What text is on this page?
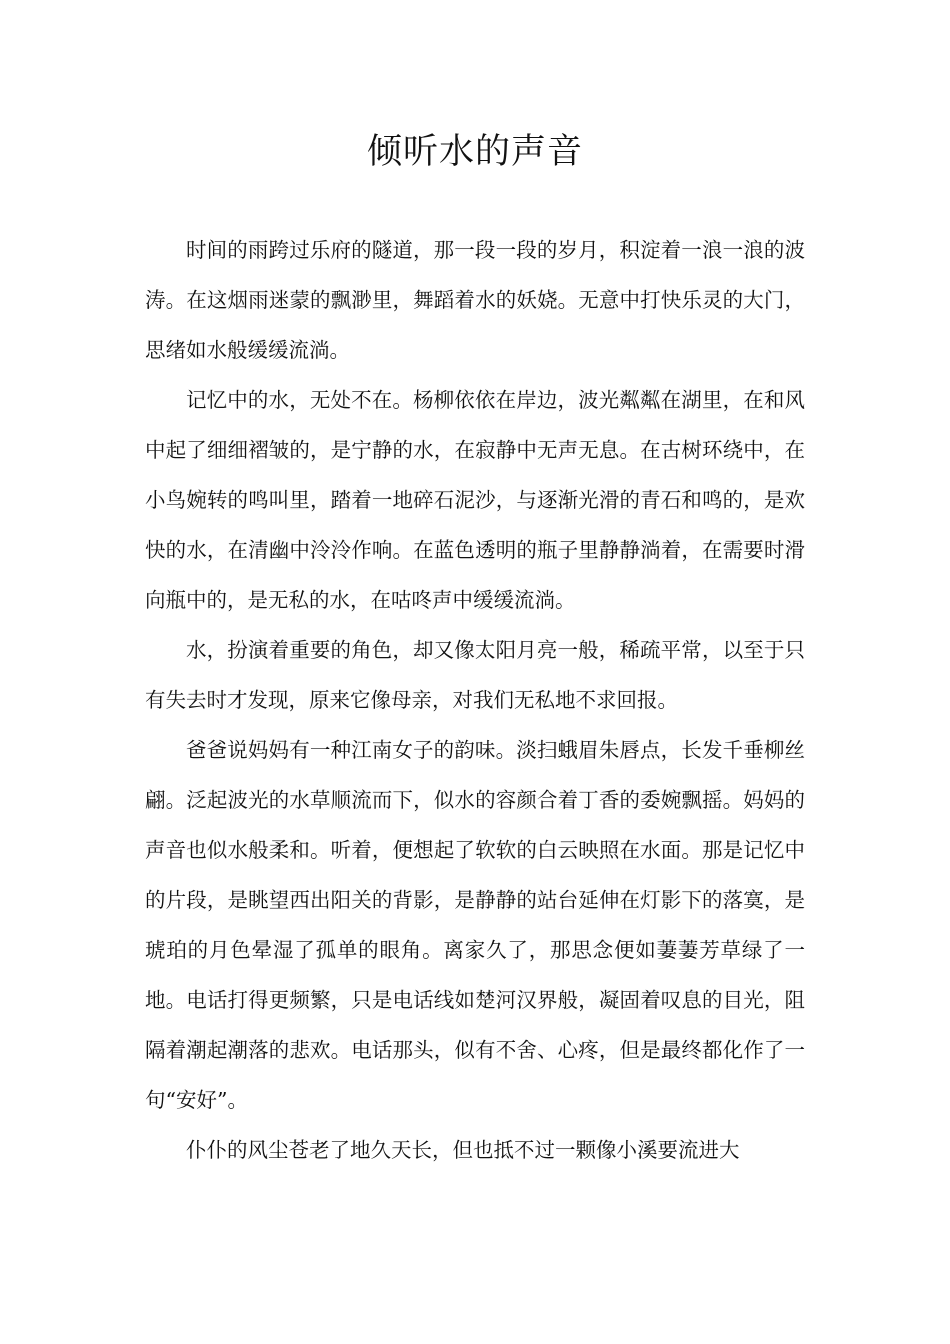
倾听水的声音

时间的雨跨过乐府的隧道，那一段一段的岁月，积淀着一浪一浪的波涛。在这烟雨迷蒙的飘渺里，舞蹈着水的妖娆。无意中打快乐灵的大门，思绪如水般缓缓流淌。

记忆中的水，无处不在。杨柳依依在岸边，波光粼粼在湖里，在和风中起了细细褶皱的，是宁静的水，在寂静中无声无息。在古树环绕中，在小鸟婉转的鸣叫里，踏着一地碎石泥沙，与逐渐光滑的青石和鸣的，是欢快的水，在清幽中泠泠作响。在蓝色透明的瓶子里静静淌着，在需要时滑向瓶中的，是无私的水，在咕咚声中缓缓流淌。

水，扮演着重要的角色，却又像太阳月亮一般，稀疏平常，以至于只有失去时才发现，原来它像母亲，对我们无私地不求回报。

爸爸说妈妈有一种江南女子的韵味。淡扫蛾眉朱唇点，长发千垂柳丝翩。泛起波光的水草顺流而下，似水的容颜合着丁香的委婉飘摇。妈妈的声音也似水般柔和。听着，便想起了软软的白云映照在水面。那是记忆中的片段，是眺望西出阳关的背影，是静静的站台延伸在灯影下的落寞，是琥珀的月色晕湿了孤单的眼角。离家久了，那思念便如萋萋芳草绿了一地。电话打得更频繁，只是电话线如楚河汉界般，凝固着叹息的目光，阻隔着潮起潮落的悲欢。电话那头，似有不舍、心疼，但是最终都化作了一句“安好”。

仆仆的风尘苍老了地久天长，但也抵不过一颗像小溪要流进大
